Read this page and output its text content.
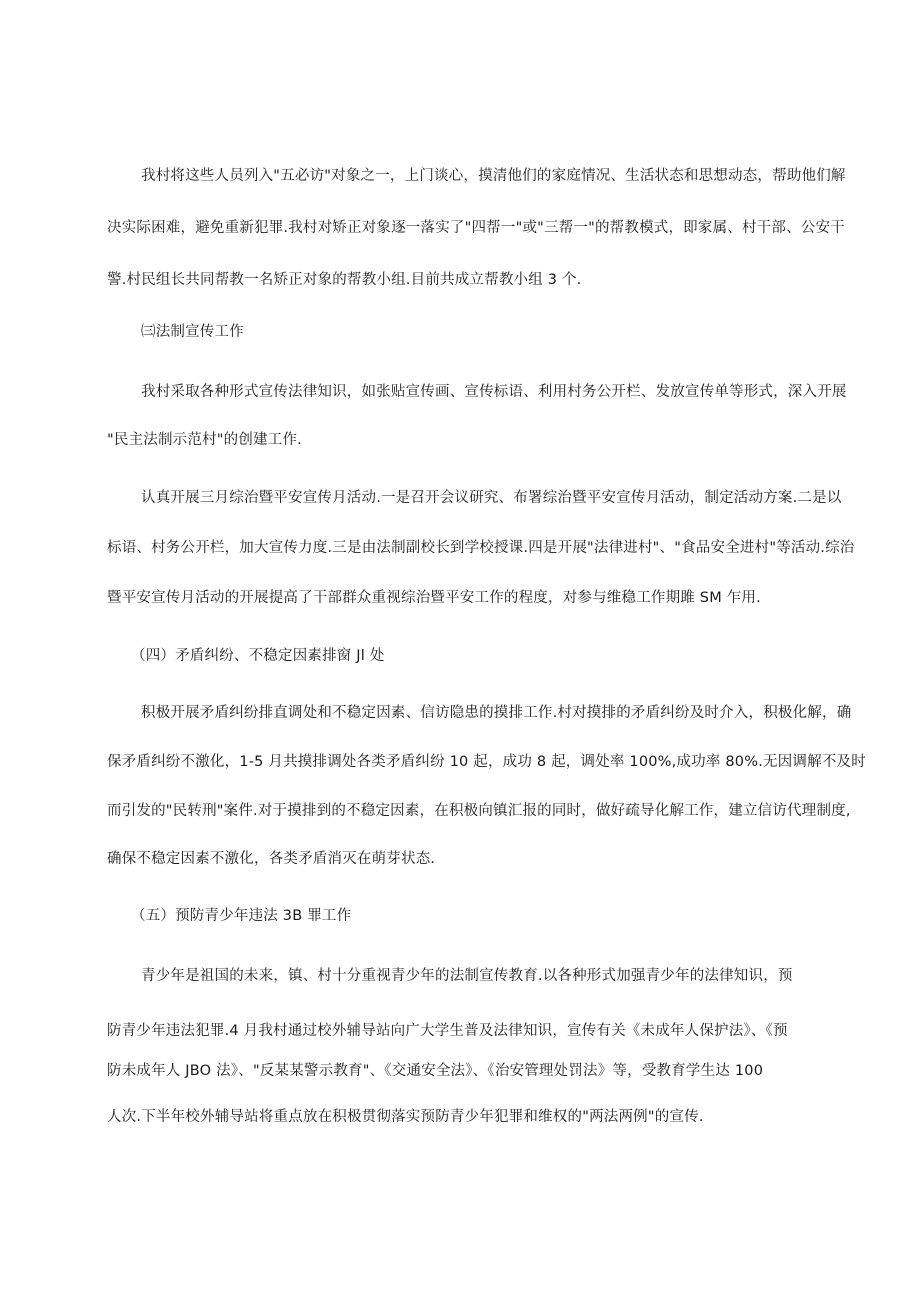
我村将这些人员列入"五必访"对象之一，上门谈心，摸清他们的家庭情况、生活状态和思想动态，帮助他们解
决实际困难，避免重新犯罪.我村对矫正对象逐一落实了"四帮一"或"三帮一"的帮教模式，即家属、村干部、公安干
警.村民组长共同帮教一名矫正对象的帮教小组.目前共成立帮教小组 3 个.
㈢法制宣传工作
我村采取各种形式宣传法律知识，如张贴宣传画、宣传标语、利用村务公开栏、发放宣传单等形式，深入开展
"民主法制示范村"的创建工作.
认真开展三月综治暨平安宣传月活动.一是召开会议研究、布署综治暨平安宣传月活动，制定活动方案.二是以
标语、村务公开栏，加大宣传力度.三是由法制副校长到学校授课.四是开展"法律进村"、"食品安全进村"等活动.综治
暨平安宣传月活动的开展提高了干部群众重视综治暨平安工作的程度，对参与维稳工作期雎 SM 乍用.
（四）矛盾纠纷、不稳定因素排窗 Jl 处
积极开展矛盾纠纷排直调处和不稳定因素、信访隐患的摸排工作.村对摸排的矛盾纠纷及时介入，积极化解，确
保矛盾纠纷不激化，1-5 月共摸排调处各类矛盾纠纷 10 起，成功 8 起，调处率 100%,成功率 80%.无因调解不及时
而引发的"民转刑"案件.对于摸排到的不稳定因素，在积极向镇汇报的同时，做好疏导化解工作，建立信访代理制度,
确保不稳定因素不激化，各类矛盾消灭在萌芽状态.
（五）预防青少年违法 3B 罪工作
青少年是祖国的未来，镇、村十分重视青少年的法制宣传教育.以各种形式加强青少年的法律知识，预
防青少年违法犯罪.4 月我村通过校外辅导站向广大学生普及法律知识，宣传有关《未成年人保护法》、《预
防未成年人 JBO 法》、"反某某警示教育"、《交通安全法》、《治安管理处罚法》等，受教育学生达 100
人次.下半年校外辅导站将重点放在积极贯彻落实预防青少年犯罪和维权的"两法两例"的宣传.
